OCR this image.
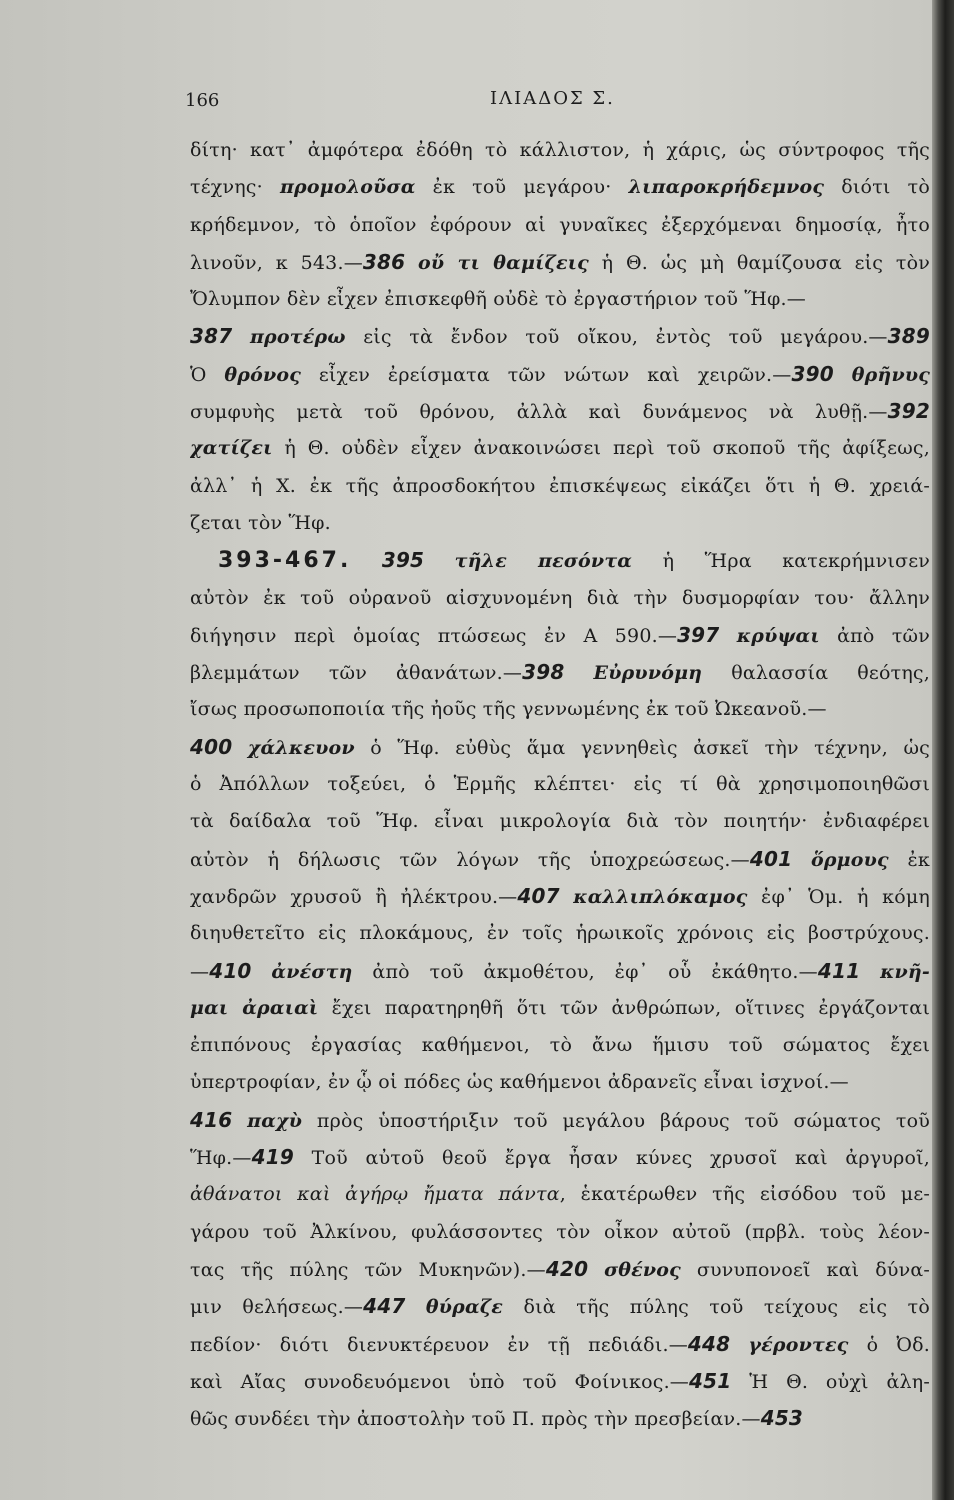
166	ΙΛΙΑΔΟΣ Σ.
δίτη· κατ᾿ ἀμφότερα ἐδόθη τὸ κάλλιστον, ἡ χάρις, ὡς σύντροφος τῆς
τέχνης· προμολοῦσα ἐκ τοῦ μεγάρου· λιπαροκρήδεμνος διότι τὸ
κρήδεμνον, τὸ ὁποῖον ἐφόρουν αἱ γυναῖκες ἐξερχόμεναι δημοσίᾳ, ἦτο
λινοῦν, κ 543.—386 οὔ τι θαμίζεις ἡ Θ. ὡς μὴ θαμίζουσα εἰς τὸν
Ὄλυμπον δὲν εἶχεν ἐπισκεφθῆ οὐδὲ τὸ ἐργαστήριον τοῦ Ἥφ.—
387 προτέρω εἰς τὰ ἔνδον τοῦ οἴκου, ἐντὸς τοῦ μεγάρου.—389
Ὁ θρόνος εἶχεν ἐρείσματα τῶν νώτων καὶ χειρῶν.—390 θρῆνυς
συμφυὴς μετὰ τοῦ θρόνου, ἀλλὰ καὶ δυνάμενος νὰ λυθῇ.—392
χατίζει ἡ Θ. οὐδὲν εἶχεν ἀνακοινώσει περὶ τοῦ σκοποῦ τῆς ἀφίξεως,
ἀλλ᾿ ἡ Χ. ἐκ τῆς ἀπροσδοκήτου ἐπισκέψεως εἰκάζει ὅτι ἡ Θ. χρειά-
ζεται τὸν Ἥφ.
393-467. 395 τῆλε πεσόντα ἡ Ἥρα κατεκρήμνισεν
αὐτὸν ἐκ τοῦ οὐρανοῦ αἰσχυνομένη διὰ τὴν δυσμορφίαν του· ἄλλην
διήγησιν περὶ ὁμοίας πτώσεως ἐν Α 590.—397 κρύψαι ἀπὸ τῶν
βλεμμάτων τῶν ἀθανάτων.—398 Εὐρυνόμη θαλασσία θεότης,
ἴσως προσωποποιία τῆς ἠοῦς τῆς γεννωμένης ἐκ τοῦ Ὠκεανοῦ.—
400 χάλκευον ὁ Ἥφ. εὐθὺς ἅμα γεννηθεὶς ἀσκεῖ τὴν τέχνην, ὡς
ὁ Ἀπόλλων τοξεύει, ὁ Ἑρμῆς κλέπτει· εἰς τί θὰ χρησιμοποιηθῶσι
τὰ δαίδαλα τοῦ Ἥφ. εἶναι μικρολογία διὰ τὸν ποιητήν· ἐνδιαφέρει
αὐτὸν ἡ δήλωσις τῶν λόγων τῆς ὑποχρεώσεως.—401 ὅρμους ἐκ
χανδρῶν χρυσοῦ ἢ ἠλέκτρου.—407 καλλιπλόκαμος ἐφ᾿ Ὁμ. ἡ κόμη
διηυθετεῖτο εἰς πλοκάμους, ἐν τοῖς ἡρωικοῖς χρόνοις εἰς βοστρύχους.
—410 ἀνέστη ἀπὸ τοῦ ἀκμοθέτου, ἐφ᾿ οὗ ἐκάθητο.—411 κνῆ-
μαι ἀραιαὶ ἔχει παρατηρηθῆ ὅτι τῶν ἀνθρώπων, οἵτινες ἐργάζονται
ἐπιπόνους ἐργασίας καθήμενοι, τὸ ἄνω ἥμισυ τοῦ σώματος ἔχει
ὑπερτροφίαν, ἐν ᾧ οἱ πόδες ὡς καθήμενοι ἀδρανεῖς εἶναι ἰσχνοί.—
416 παχὺ πρὸς ὑποστήριξιν τοῦ μεγάλου βάρους τοῦ σώματος τοῦ
Ἥφ.—419 Τοῦ αὐτοῦ θεοῦ ἔργα ἦσαν κύνες χρυσοῖ καὶ ἀργυροῖ,
ἀθάνατοι καὶ ἀγήρῳ ἤματα πάντα, ἑκατέρωθεν τῆς εἰσόδου τοῦ με-
γάρου τοῦ Ἀλκίνου, φυλάσσοντες τὸν οἶκον αὐτοῦ (πρβλ. τοὺς λέον-
τας τῆς πύλης τῶν Μυκηνῶν).—420 σθένος συνυπονοεῖ καὶ δύνα-
μιν θελήσεως.—447 θύραζε διὰ τῆς πύλης τοῦ τείχους εἰς τὸ
πεδίον· διότι διενυκτέρευον ἐν τῇ πεδιάδι.—448 γέροντες ὁ Ὀδ.
καὶ Αἴας συνοδευόμενοι ὑπὸ τοῦ Φοίνικος.—451 Ἡ Θ. οὐχὶ ἀλη-
θῶς συνδέει τὴν ἀποστολὴν τοῦ Π. πρὸς τὴν πρεσβείαν.—453
